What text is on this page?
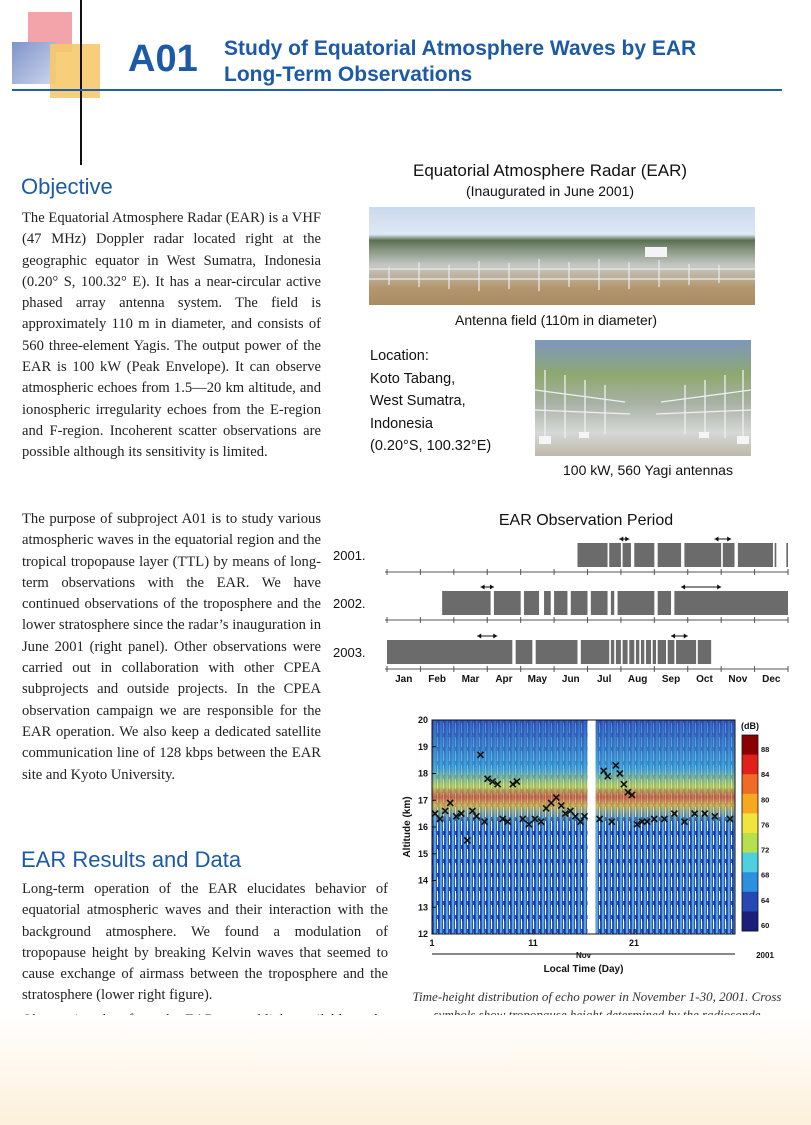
A01 Study of Equatorial Atmosphere Waves by EAR
Long-Term Observations
Objective

The Equatorial Atmosphere Radar (EAR) is a VHF (47 MHz) Doppler radar located right at the geographic equator in West Sumatra, Indonesia (0.20° S, 100.32° E). It has a near-circular active phased array antenna system. The field is approximately 110 m in diameter, and consists of 560 three-element Yagis. The output power of the EAR is 100 kW (Peak Envelope). It can observe atmospheric echoes from 1.5—20 km altitude, and ionospheric irregularity echoes from the E-region and F-region. Incoherent scatter observations are possible although its sensitivity is limited.

The purpose of subproject A01 is to study various atmospheric waves in the equatorial region and the tropical tropopause layer (TTL) by means of long-term observations with the EAR. We have continued observations of the troposphere and the lower stratosphere since the radar’s inauguration in June 2001 (right panel). Other observations were carried out in collaboration with other CPEA subprojects and outside projects. In the CPEA observation campaign we are responsible for the EAR operation. We also keep a dedicated satellite communication line of 128 kbps between the EAR site and Kyoto University.

EAR Results and Data

Long-term operation of the EAR elucidates behavior of equatorial atmospheric waves and their interaction with the background atmosphere. We found a modulation of tropopause height by breaking Kelvin waves that seemed to cause exchange of airmass between the troposphere and the stratosphere (lower right figure).

Equatorial Atmosphere Radar (EAR)
(Inaugurated in June 2001)
Antenna field (110m in diameter)
Location:
Koto Tabang,
West Sumatra,
Indonesia
(0.20°S, 100.32°E)
100 kW, 560 Yagi antennas
EAR Observation Period
2001.
2002.
2003.
Jan Feb Mar Apr May Jun Jul Aug Sep Oct Nov Dec
12
13
14
15
16
17
18
19
20
1	11	21
Nov	2001
Local Time (Day)
Altitude (km)
(dB)
88
84
80
76
72
68
64
60
Time-height distribution of echo power in November 1-30, 2001. Cross
